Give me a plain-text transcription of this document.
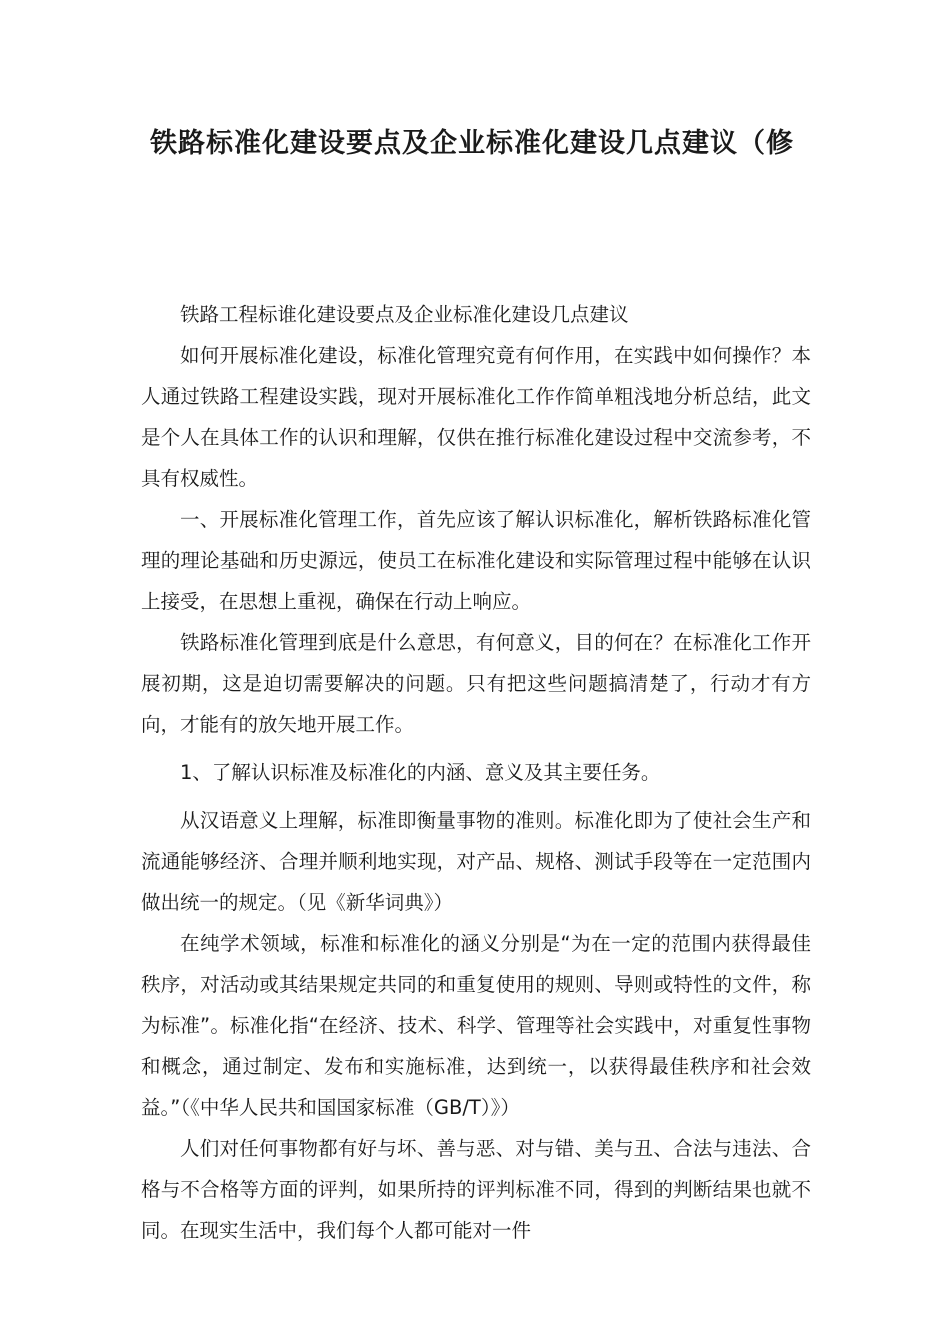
铁路标准化建设要点及企业标准化建设几点建议（修

铁路工程标谁化建设要点及企业标准化建设几点建议

如何开展标准化建设，标准化管理究竟有何作用，在实践中如何操作？本人通过铁路工程建设实践，现对开展标准化工作作简单粗浅地分析总结，此文是个人在具体工作的认识和理解，仅供在推行标准化建设过程中交流参考，不具有权威性。

一、开展标准化管理工作，首先应该了解认识标准化，解析铁路标准化管理的理论基础和历史源远，使员工在标准化建设和实际管理过程中能够在认识上接受，在思想上重视，确保在行动上响应。

铁路标准化管理到底是什么意思，有何意义，目的何在？在标准化工作开展初期，这是迫切需要解决的问题。只有把这些问题搞清楚了，行动才有方向，才能有的放矢地开展工作。

1、了解认识标准及标准化的内涵、意义及其主要任务。

从汉语意义上理解，标准即衡量事物的准则。标准化即为了使社会生产和流通能够经济、合理并顺利地实现，对产品、规格、测试手段等在一定范围内做出统一的规定。（见《新华词典》）

在纯学术领域，标准和标准化的涵义分别是“为在一定的范围内获得最佳秩序，对活动或其结果规定共同的和重复使用的规则、导则或特性的文件，称为标准”。标准化指“在经济、技术、科学、管理等社会实践中，对重复性事物和概念，通过制定、发布和实施标准，达到统一，以获得最佳秩序和社会效益。”（《中华人民共和国国家标准（GB/T）》）

人们对任何事物都有好与坏、善与恶、对与错、美与丑、合法与违法、合格与不合格等方面的评判，如果所持的评判标准不同，得到的判断结果也就不同。在现实生活中，我们每个人都可能对一件
